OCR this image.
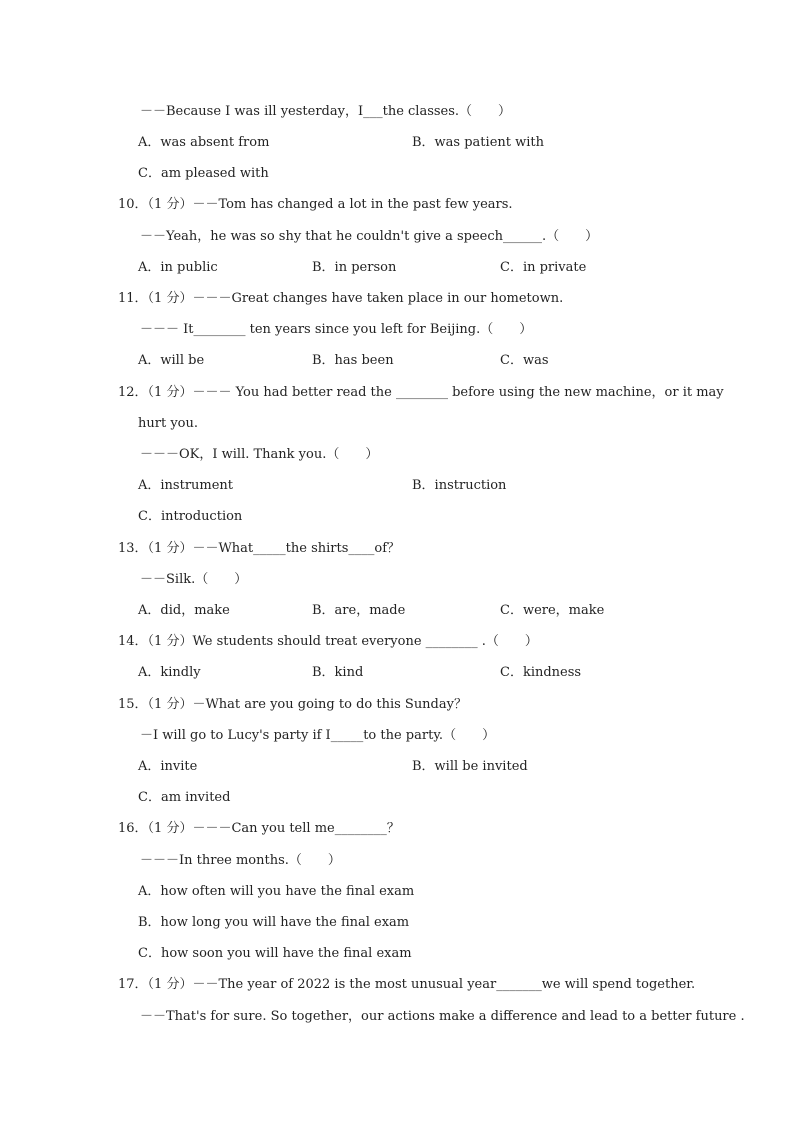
－－Because I was ill yesterday，I___the classes.（　　）
A．was absent from	B．was patient with
C．am pleased with
10．（1 分）－－Tom has changed a lot in the past few years.
－－Yeah，he was so shy that he couldn't give a speech______.（　　）
A．in public	B．in person	C．in private
11．（1 分）－－－Great changes have taken place in our hometown.
－－－ It________ ten years since you left for Beijing.（　　）
A．will be	B．has been	C．was
12．（1 分）－－－ You had better read the ________ before using the new machine，or it may
hurt you.
－－－OK，I will. Thank you.（　　）
A．instrument	B．instruction
C．introduction
13．（1 分）－－What_____the shirts____of？
－－Silk.（　　）
A．did，make	B．are，made	C．were，make
14．（1 分）We students should treat everyone ________ .（　　）
A．kindly	B．kind	C．kindness
15．（1 分）－What are you going to do this Sunday？
－I will go to Lucy's party if I_____to the party.（　　）
A．invite	B．will be invited
C．am invited
16．（1 分）－－－Can you tell me________？
－－－In three months.（　　）
A．how often will you have the final exam
B．how long you will have the final exam
C．how soon you will have the final exam
17．（1 分）－－The year of 2022 is the most unusual year_______we will spend together.
－－That's for sure. So together，our actions make a difference and lead to a better future .
